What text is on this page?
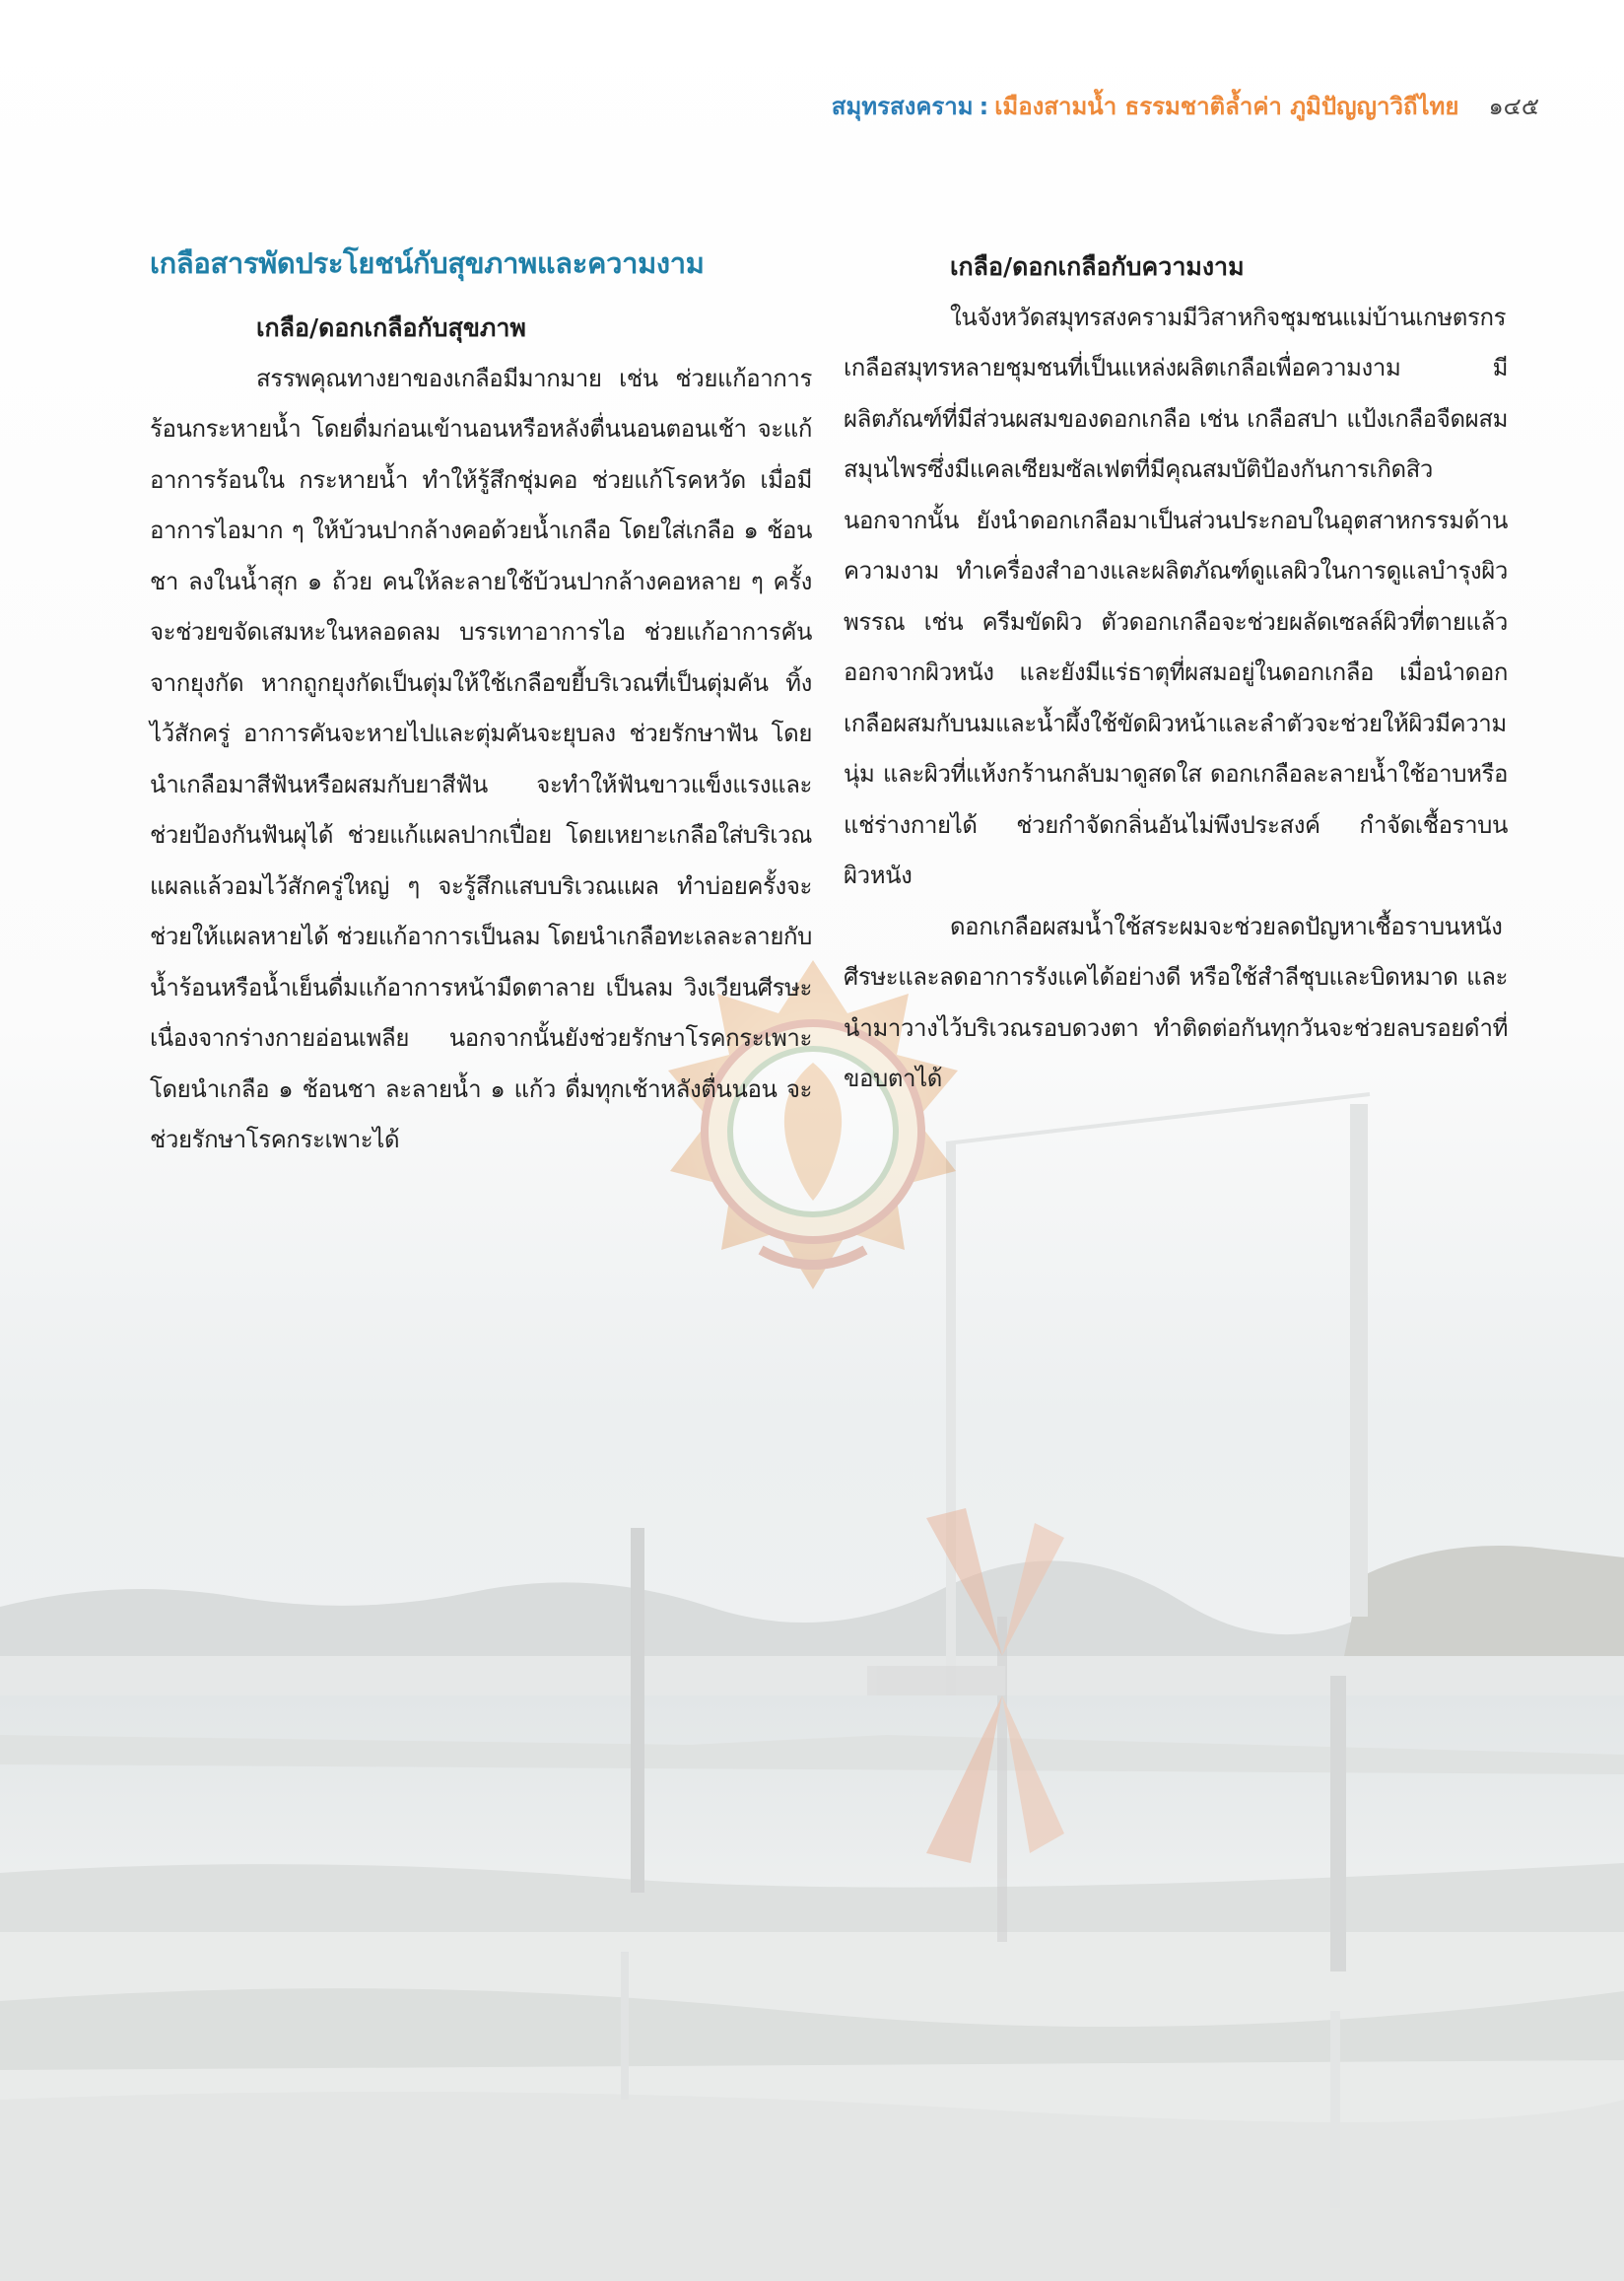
สมุทรสงคราม : เมืองสามน้ำ ธรรมชาติล้ำค่า ภูมิปัญญาวิถีไทย ๑๔๕
เกลือสารพัดประโยชน์กับสุขภาพและความงาม
เกลือ/ดอกเกลือกับสุขภาพ

สรรพคุณทางยาของเกลือมีมากมาย เช่น ช่วยแก้อาการร้อนกระหายน้ำ โดยดื่มก่อนเข้านอนหรือหลังตื่นนอนตอนเช้า จะแก้อาการร้อนใน กระหายน้ำ ทำให้รู้สึกชุ่มคอ ช่วยแก้โรคหวัด เมื่อมีอาการไอมาก ๆ ให้บ้วนปากล้างคอด้วยน้ำเกลือ โดยใส่เกลือ ๑ ช้อนชา ลงในน้ำสุก ๑ ถ้วย คนให้ละลายใช้บ้วนปากล้างคอหลาย ๆ ครั้ง จะช่วยขจัดเสมหะในหลอดลม บรรเทาอาการไอ ช่วยแก้อาการคันจากยุงกัด หากถูกยุงกัดเป็นตุ่มให้ใช้เกลือขยี้บริเวณที่เป็นตุ่มคัน ทิ้งไว้สักครู่ อาการคันจะหายไปและตุ่มคันจะยุบลง ช่วยรักษาฟัน โดยนำเกลือมาสีฟันหรือผสมกับยาสีฟัน จะทำให้ฟันขาวแข็งแรงและช่วยป้องกันฟันผุได้ ช่วยแก้แผลปากเปื่อย โดยเหยาะเกลือใส่บริเวณแผลแล้วอมไว้สักครู่ใหญ่ ๆ จะรู้สึกแสบบริเวณแผล ทำบ่อยครั้งจะช่วยให้แผลหายได้ ช่วยแก้อาการเป็นลม โดยนำเกลือทะเลละลายกับน้ำร้อนหรือน้ำเย็นดื่มแก้อาการหน้ามืดตาลาย เป็นลม วิงเวียนศีรษะ เนื่องจากร่างกายอ่อนเพลีย นอกจากนั้นยังช่วยรักษาโรคกระเพาะ โดยนำเกลือ ๑ ช้อนชา ละลายน้ำ ๑ แก้ว ดื่มทุกเช้าหลังตื่นนอน จะช่วยรักษาโรคกระเพาะได้

เกลือ/ดอกเกลือกับความงาม

ในจังหวัดสมุทรสงครามมีวิสาหกิจชุมชนแม่บ้านเกษตรกรเกลือสมุทรหลายชุมชนที่เป็นแหล่งผลิตเกลือเพื่อความงาม มีผลิตภัณฑ์ที่มีส่วนผสมของดอกเกลือ เช่น เกลือสปา แป้งเกลือจืดผสมสมุนไพรซึ่งมีแคลเซียมซัลเฟตที่มีคุณสมบัติป้องกันการเกิดสิว นอกจากนั้น ยังนำดอกเกลือมาเป็นส่วนประกอบในอุตสาหกรรมด้านความงาม ทำเครื่องสำอางและผลิตภัณฑ์ดูแลผิวในการดูแลบำรุงผิวพรรณ เช่น ครีมขัดผิว ตัวดอกเกลือจะช่วยผลัดเซลล์ผิวที่ตายแล้วออกจากผิวหนัง และยังมีแร่ธาตุที่ผสมอยู่ในดอกเกลือ เมื่อนำดอกเกลือผสมกับนมและน้ำผึ้งใช้ขัดผิวหน้าและลำตัวจะช่วยให้ผิวมีความนุ่ม และผิวที่แห้งกร้านกลับมาดูสดใส ดอกเกลือละลายน้ำใช้อาบหรือแช่ร่างกายได้ ช่วยกำจัดกลิ่นอันไม่พึงประสงค์ กำจัดเชื้อราบนผิวหนัง

ดอกเกลือผสมน้ำใช้สระผมจะช่วยลดปัญหาเชื้อราบนหนังศีรษะและลดอาการรังแคได้อย่างดี หรือใช้สำลีชุบและบิดหมาด และนำมาวางไว้บริเวณรอบดวงตา ทำติดต่อกันทุกวันจะช่วยลบรอยดำที่ขอบตาได้
